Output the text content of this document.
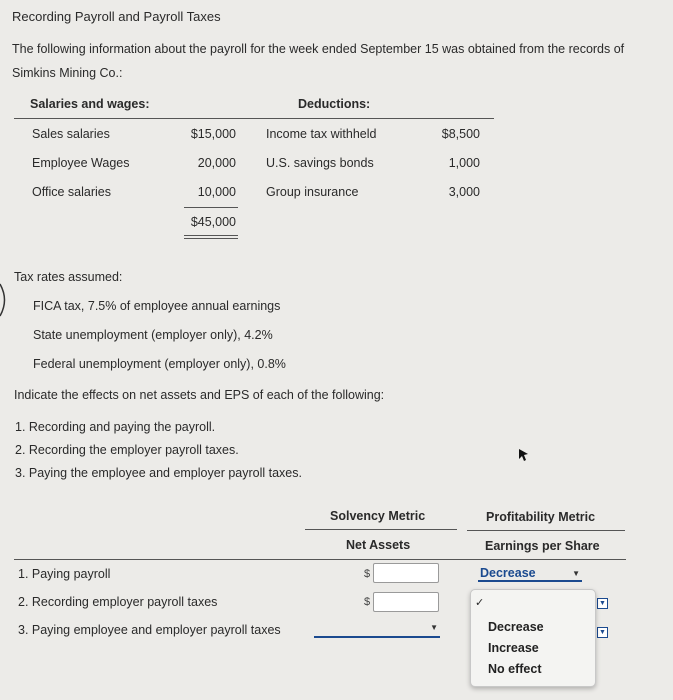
Recording Payroll and Payroll Taxes
The following information about the payroll for the week ended September 15 was obtained from the records of
Simkins Mining Co.:
Salaries and wages:	Deductions:
Sales salaries	$15,000 Income tax withheld	$8,500
Employee Wages	20,000 U.S. savings bonds	1,000
Office salaries	10,000 Group insurance	3,000
$45,000
Tax rates assumed:
FICA tax, 7.5% of employee annual earnings
State unemployment (employer only), 4.2%
Federal unemployment (employer only), 0.8%
Indicate the effects on net assets and EPS of each of the following:
1. Recording and paying the payroll.
2. Recording the employer payroll taxes.
3. Paying the employee and employer payroll taxes.
Solvency Metric	Profitability Metric
Net Assets	Earnings per Share
1. Paying payroll	$	Decrease	▼
2. Recording employer payroll taxes	$	▼
3. Paying employee and employer payroll taxes	▼
▼
✓
Decrease
Increase
No effect
